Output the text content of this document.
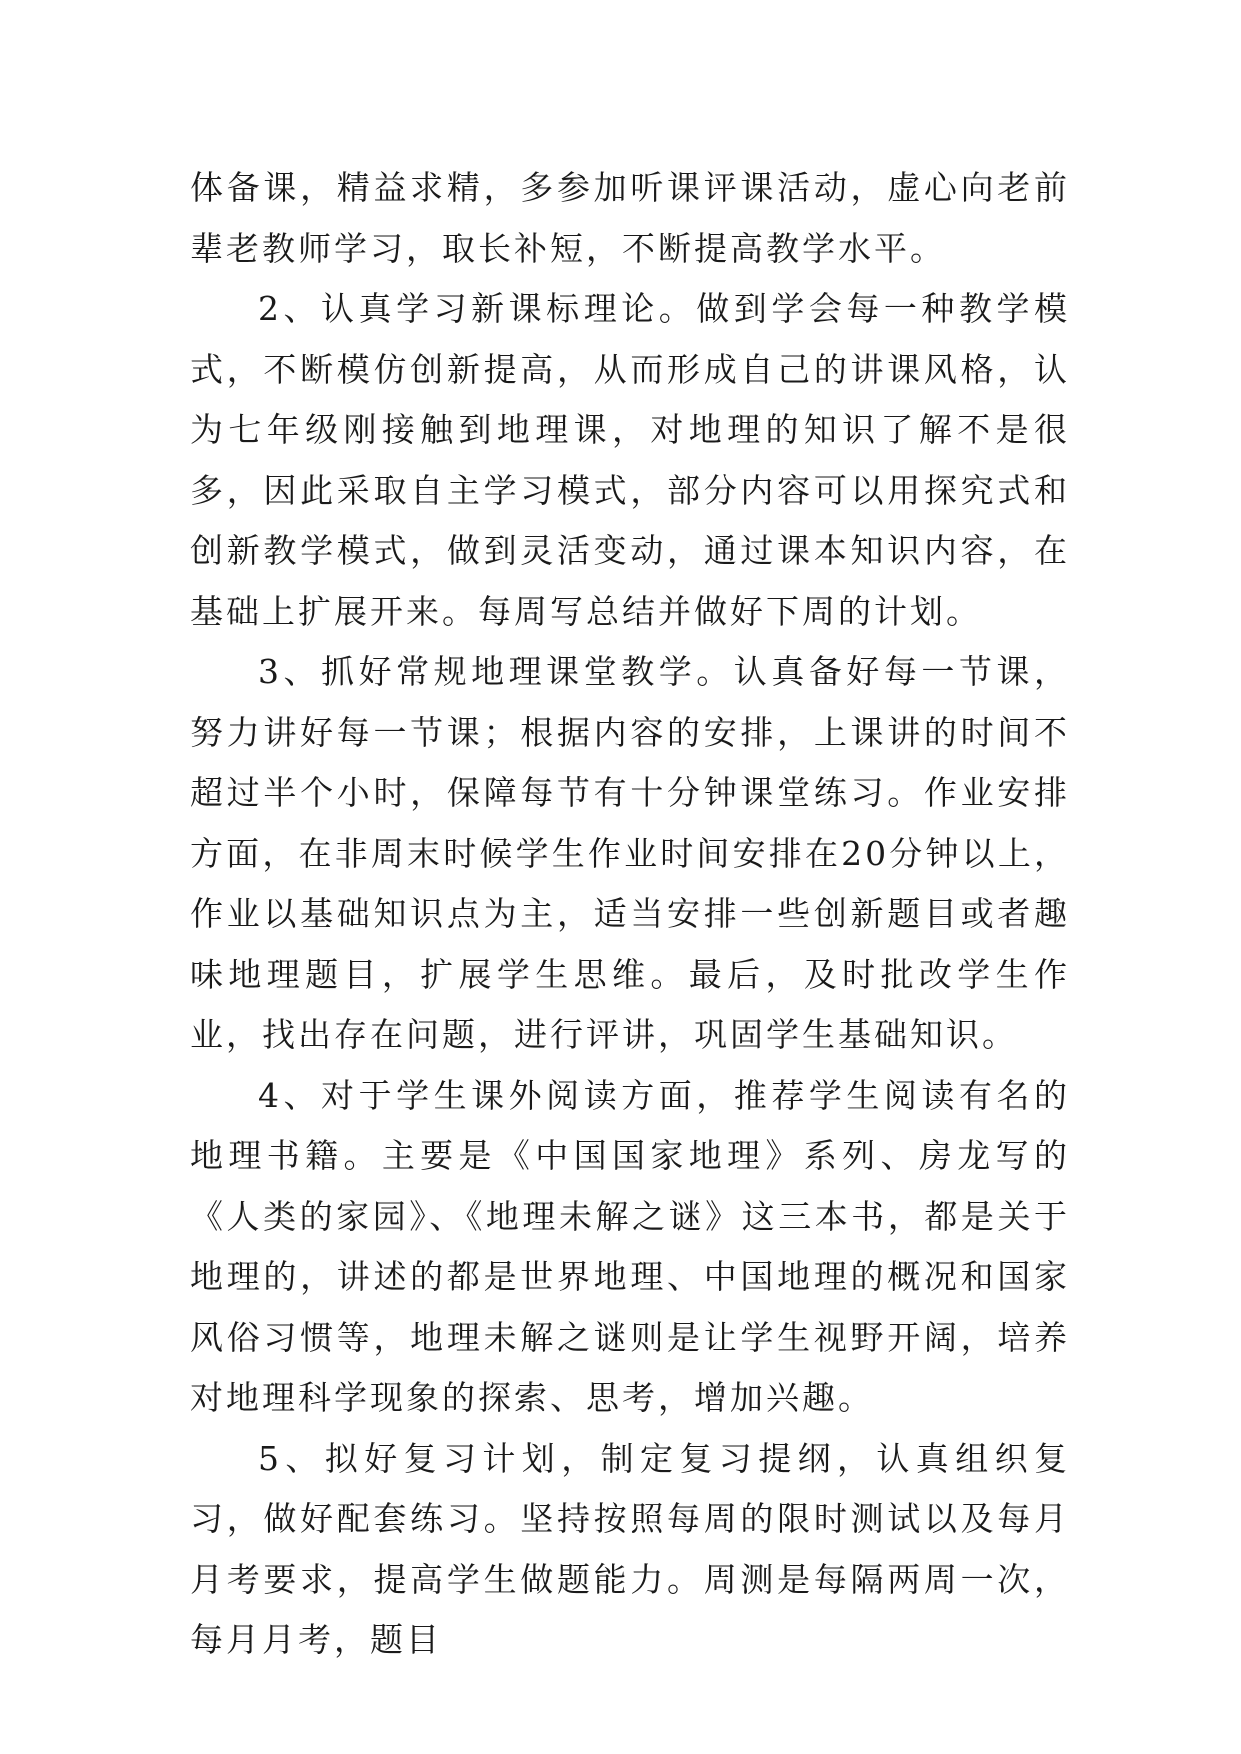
体备课，精益求精，多参加听课评课活动，虚心向老前辈老教师学习，取长补短，不断提高教学水平。

2、认真学习新课标理论。做到学会每一种教学模式，不断模仿创新提高，从而形成自己的讲课风格，认为七年级刚接触到地理课，对地理的知识了解不是很多，因此采取自主学习模式，部分内容可以用探究式和创新教学模式，做到灵活变动，通过课本知识内容，在基础上扩展开来。每周写总结并做好下周的计划。

3、抓好常规地理课堂教学。认真备好每一节课，努力讲好每一节课；根据内容的安排，上课讲的时间不超过半个小时，保障每节有十分钟课堂练习。作业安排方面，在非周末时候学生作业时间安排在20分钟以上，作业以基础知识点为主，适当安排一些创新题目或者趣味地理题目，扩展学生思维。最后，及时批改学生作业，找出存在问题，进行评讲，巩固学生基础知识。

4、对于学生课外阅读方面，推荐学生阅读有名的地理书籍。主要是《中国国家地理》系列、房龙写的《人类的家园》、《地理未解之谜》这三本书，都是关于地理的，讲述的都是世界地理、中国地理的概况和国家风俗习惯等，地理未解之谜则是让学生视野开阔，培养对地理科学现象的探索、思考，增加兴趣。

5、拟好复习计划，制定复习提纲，认真组织复习，做好配套练习。坚持按照每周的限时测试以及每月月考要求，提高学生做题能力。周测是每隔两周一次，每月月考，题目
